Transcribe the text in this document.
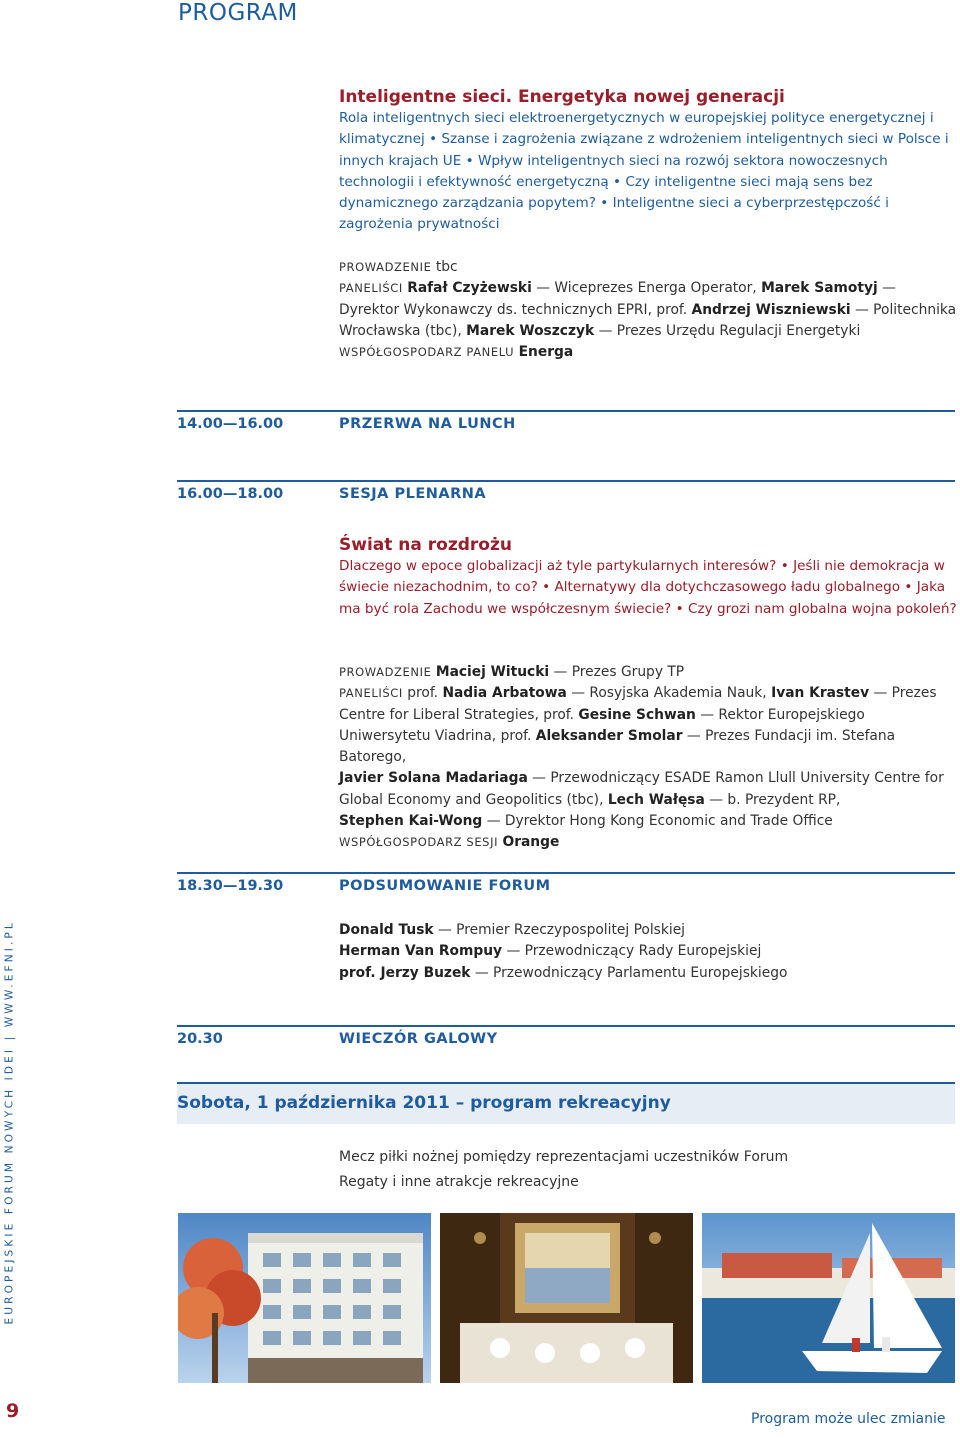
PROGRAM

Inteligentne sieci. Energetyka nowej generacji

Rola inteligentnych sieci elektroenergetycznych w europejskiej polityce energetycznej i klimatycznej • Szanse i zagrożenia związane z wdrożeniem inteligentnych sieci w Polsce i innych krajach UE • Wpływ inteligentnych sieci na rozwój sektora nowoczesnych technologii i efektywność energetyczną • Czy inteligentne sieci mają sens bez dynamicznego zarządzania popytem? • Inteligentne sieci a cyberprzestępczość i zagrożenia prywatności

PROWADZENIE tbc

PANELIŚCI Rafał Czyżewski — Wiceprezes Energa Operator, Marek Samotyj — Dyrektor Wykonawczy ds. technicznych EPRI, prof. Andrzej Wiszniewski — Politechnika Wrocławska (tbc), Marek Woszczyk — Prezes Urzędu Regulacji Energetyki

WSPÓŁGOSPODARZ PANELU Energa

14.00—16.00	PRZERWA NA LUNCH
16.00—18.00	SESJA PLENARNA

Świat na rozdrożu

Dlaczego w epoce globalizacji aż tyle partykularnych interesów? • Jeśli nie demokracja w świecie niezachodnim, to co? • Alternatywy dla dotychczasowego ładu globalnego • Jaka ma być rola Zachodu we współczesnym świecie? • Czy grozi nam globalna wojna pokoleń?

PROWADZENIE Maciej Witucki — Prezes Grupy TP

PANELIŚCI prof. Nadia Arbatowa — Rosyjska Akademia Nauk, Ivan Krastev — Prezes Centre for Liberal Strategies, prof. Gesine Schwan — Rektor Europejskiego Uniwersytetu Viadrina, prof. Aleksander Smolar — Prezes Fundacji im. Stefana Batorego,
Javier Solana Madariaga — Przewodniczący ESADE Ramon Llull University Centre for Global Economy and Geopolitics (tbc), Lech Wałęsa — b. Prezydent RP,
Stephen Kai-Wong — Dyrektor Hong Kong Economic and Trade Office

WSPÓŁGOSPODARZ SESJI Orange

18.30—19.30	PODSUMOWANIE FORUM

Donald Tusk — Premier Rzeczypospolitej Polskiej

Herman Van Rompuy — Przewodniczący Rady Europejskiej

prof. Jerzy Buzek — Przewodniczący Parlamentu Europejskiego

20.30	WIECZÓR GALOWY
Sobota, 1 października 2011 – program rekreacyjny

Mecz piłki nożnej pomiędzy reprezentacjami uczestników Forum

Regaty i inne atrakcje rekreacyjne

EUROPEJSKIE FORUM NOWYCH IDEI | WWW.EFNI.PL
9	Program może ulec zmianie
